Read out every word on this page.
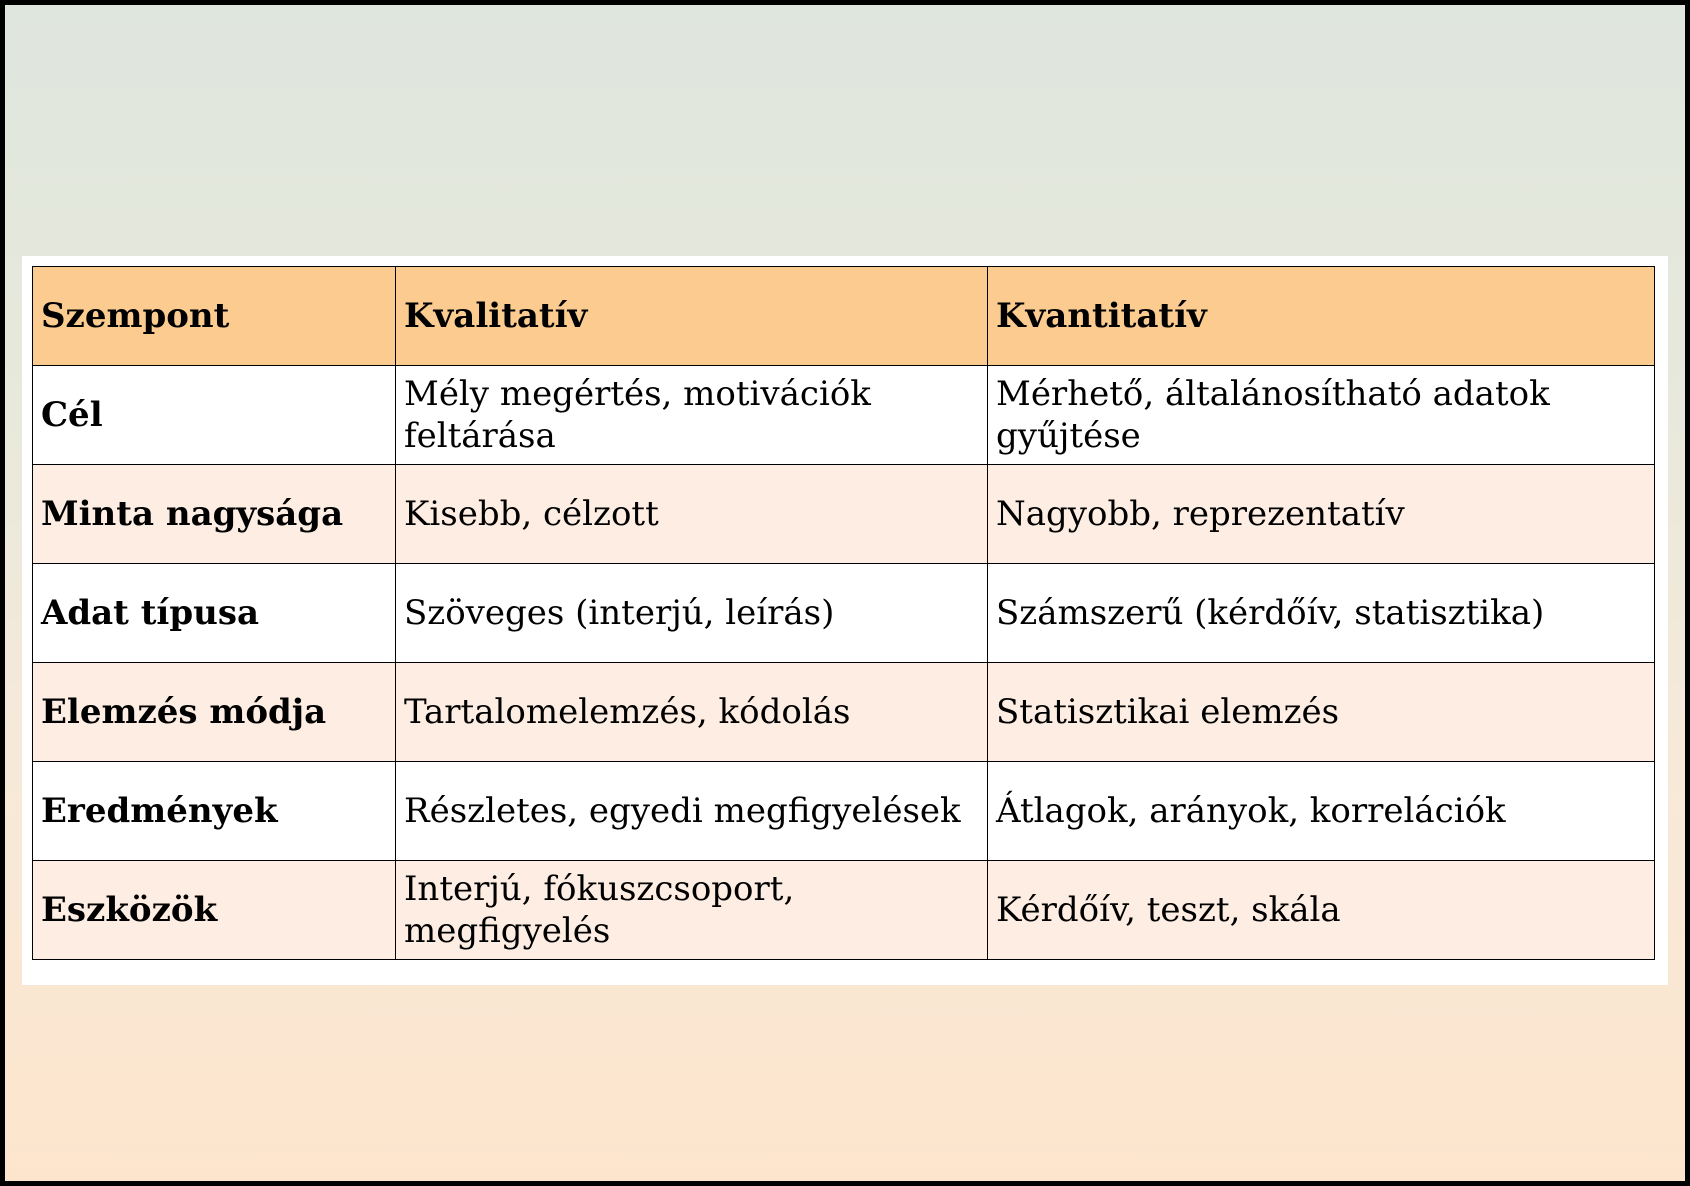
Szempont	Kvalitatív	Kvantitatív
Cél	Mély megértés, motivációk feltárása	Mérhető, általánosítható adatok gyűjtése
Minta nagysága	Kisebb, célzott	Nagyobb, reprezentatív
Adat típusa	Szöveges (interjú, leírás)	Számszerű (kérdőív, statisztika)
Elemzés módja	Tartalomelemzés, kódolás	Statisztikai elemzés
Eredmények	Részletes, egyedi megfigyelések	Átlagok, arányok, korrelációk
Eszközök	Interjú, fókuszcsoport, megfigyelés	Kérdőív, teszt, skála
